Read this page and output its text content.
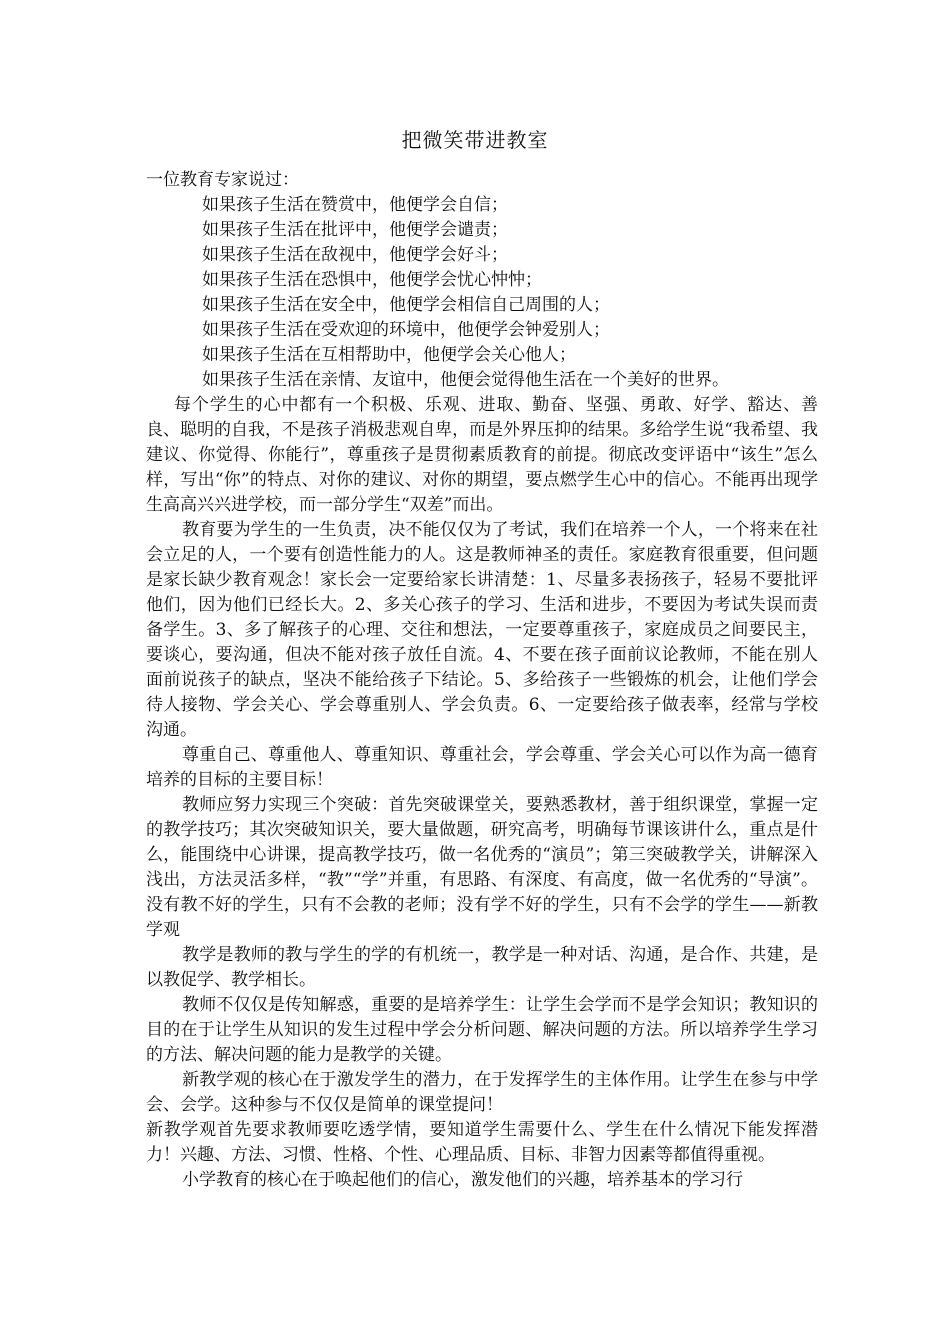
把微笑带进教室

一位教育专家说过：

如果孩子生活在赞赏中，他便学会自信；
如果孩子生活在批评中，他便学会谴责；
如果孩子生活在敌视中，他便学会好斗；
如果孩子生活在恐惧中，他便学会忧心忡忡；
如果孩子生活在安全中，他便学会相信自己周围的人；
如果孩子生活在受欢迎的环境中，他便学会钟爱别人；
如果孩子生活在互相帮助中，他便学会关心他人；
如果孩子生活在亲情、友谊中，他便会觉得他生活在一个美好的世界。

每个学生的心中都有一个积极、乐观、进取、勤奋、坚强、勇敢、好学、豁达、善良、聪明的自我，不是孩子消极悲观自卑，而是外界压抑的结果。多给学生说“我希望、我建议、你觉得、你能行”，尊重孩子是贯彻素质教育的前提。彻底改变评语中“该生”怎么样，写出“你”的特点、对你的建议、对你的期望，要点燃学生心中的信心。不能再出现学生高高兴兴进学校，而一部分学生“双差”而出。

教育要为学生的一生负责，决不能仅仅为了考试，我们在培养一个人，一个将来在社会立足的人，一个要有创造性能力的人。这是教师神圣的责任。家庭教育很重要，但问题是家长缺少教育观念！家长会一定要给家长讲清楚：1、尽量多表扬孩子，轻易不要批评他们，因为他们已经长大。2、多关心孩子的学习、生活和进步，不要因为考试失误而责备学生。3、多了解孩子的心理、交往和想法，一定要尊重孩子，家庭成员之间要民主，要谈心，要沟通，但决不能对孩子放任自流。4、不要在孩子面前议论教师，不能在别人面前说孩子的缺点，坚决不能给孩子下结论。5、多给孩子一些锻炼的机会，让他们学会待人接物、学会关心、学会尊重别人、学会负责。6、一定要给孩子做表率，经常与学校沟通。

尊重自己、尊重他人、尊重知识、尊重社会，学会尊重、学会关心可以作为高一德育培养的目标的主要目标！

教师应努力实现三个突破：首先突破课堂关，要熟悉教材，善于组织课堂，掌握一定的教学技巧；其次突破知识关，要大量做题，研究高考，明确每节课该讲什么，重点是什么，能围绕中心讲课，提高教学技巧，做一名优秀的“演员”；第三突破教学关，讲解深入浅出，方法灵活多样，“教”“学”并重，有思路、有深度、有高度，做一名优秀的“导演”。没有教不好的学生，只有不会教的老师；没有学不好的学生，只有不会学的学生——新教学观

教学是教师的教与学生的学的有机统一，教学是一种对话、沟通，是合作、共建，是以教促学、教学相长。

教师不仅仅是传知解惑，重要的是培养学生：让学生会学而不是学会知识；教知识的目的在于让学生从知识的发生过程中学会分析问题、解决问题的方法。所以培养学生学习的方法、解决问题的能力是教学的关键。

新教学观的核心在于激发学生的潜力，在于发挥学生的主体作用。让学生在参与中学会、会学。这种参与不仅仅是简单的课堂提问！

新教学观首先要求教师要吃透学情，要知道学生需要什么、学生在什么情况下能发挥潜力！兴趣、方法、习惯、性格、个性、心理品质、目标、非智力因素等都值得重视。

小学教育的核心在于唤起他们的信心，激发他们的兴趣，培养基本的学习行
